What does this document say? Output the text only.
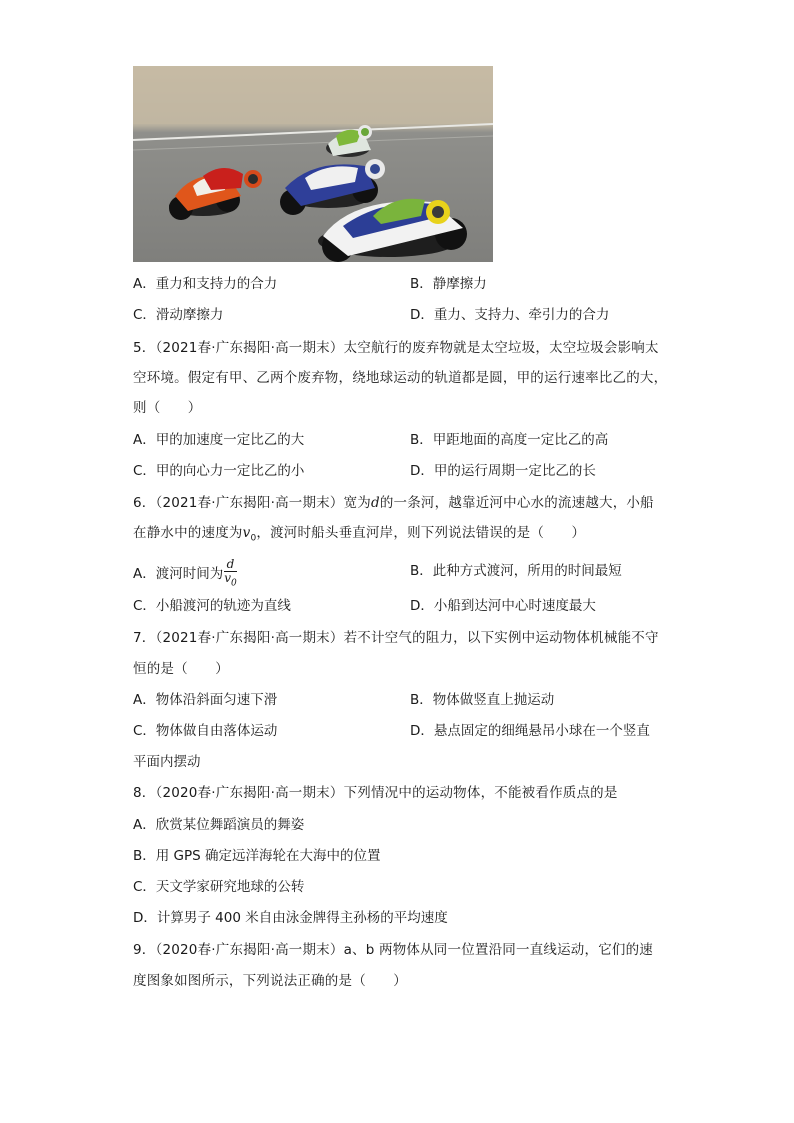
A．重力和支持力的合力	B．静摩擦力
C．滑动摩擦力	D．重力、支持力、牵引力的合力
5．（2021春·广东揭阳·高一期末）太空航行的废弃物就是太空垃圾，太空垃圾会影响太
空环境。假定有甲、乙两个废弃物，绕地球运动的轨道都是圆，甲的运行速率比乙的大，
则（　　）
A．甲的加速度一定比乙的大	B．甲距地面的高度一定比乙的高
C．甲的向心力一定比乙的小	D．甲的运行周期一定比乙的长
6．（2021春·广东揭阳·高一期末）宽为d的一条河，越靠近河中心水的流速越大，小船
在静水中的速度为$v_0$，渡河时船头垂直河岸，则下列说法错误的是（　　）
A．渡河时间为 $\frac{d}{v_0}$	B．此种方式渡河，所用的时间最短
C．小船渡河的轨迹为直线	D．小船到达河中心时速度最大
7．（2021春·广东揭阳·高一期末）若不计空气的阻力，以下实例中运动物体机械能不守
恒的是（　　）
A．物体沿斜面匀速下滑	B．物体做竖直上抛运动
C．物体做自由落体运动	D．悬点固定的细绳悬吊小球在一个竖直
平面内摆动
8．（2020春·广东揭阳·高一期末）下列情况中的运动物体，不能被看作质点的是
A．欣赏某位舞蹈演员的舞姿
B．用 GPS 确定远洋海轮在大海中的位置
C．天文学家研究地球的公转
D．计算男子 400 米自由泳金牌得主孙杨的平均速度
9．（2020春·广东揭阳·高一期末）a、b 两物体从同一位置沿同一直线运动，它们的速
度图象如图所示，下列说法正确的是（　　）
